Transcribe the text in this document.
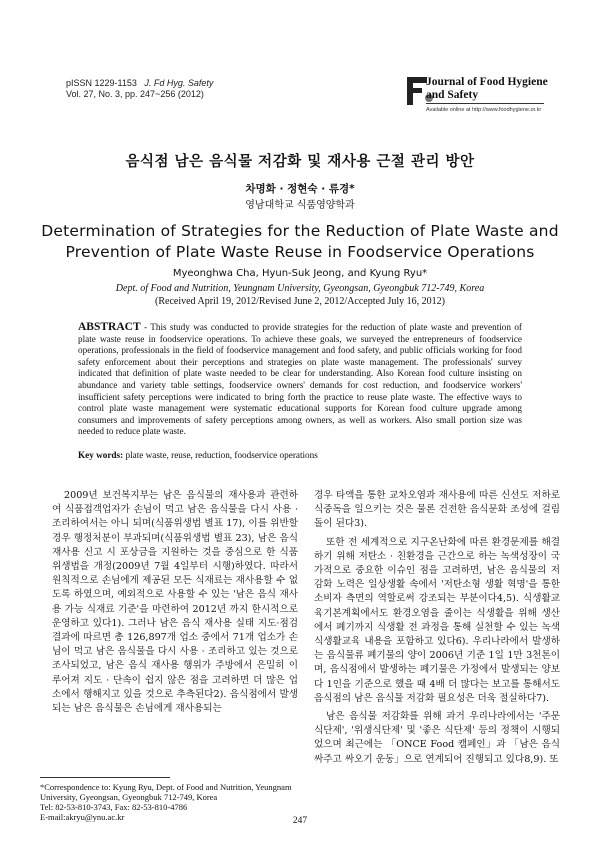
pISSN 1229-1153 J. Fd Hyg. Safety
Vol. 27, No. 3, pp. 247~256 (2012)
Journal of Food Hygiene
and Safety
Available online at http://www.foodhygiene.or.kr
음식점 남은 음식물 저감화 및 재사용 근절 관리 방안
차명화 · 정현숙 · 류경*
영남대학교 식품영양학과
Determination of Strategies for the Reduction of Plate Waste and
Prevention of Plate Waste Reuse in Foodservice Operations
Myeonghwa Cha, Hyun-Suk Jeong, and Kyung Ryu*
Dept. of Food and Nutrition, Yeungnam University, Gyeongsan, Gyeongbuk 712-749, Korea
(Received April 19, 2012/Revised June 2, 2012/Accepted July 16, 2012)
ABSTRACT - This study was conducted to provide strategies for the reduction of plate waste and prevention of plate waste reuse in foodservice operations. To achieve these goals, we surveyed the entrepreneurs of foodservice operations, professionals in the field of foodservice management and food safety, and public officials working for food safety enforcement about their perceptions and strategies on plate waste management. The professionals' survey indicated that definition of plate waste needed to be clear for understanding. Also Korean food culture insisting on abundance and variety table settings, foodservice owners' demands for cost reduction, and foodservice workers' insufficient safety perceptions were indicated to bring forth the practice to reuse plate waste. The effective ways to control plate waste management were systematic educational supports for Korean food culture upgrade among consumers and improvements of safety perceptions among owners, as well as workers. Also small portion size was needed to reduce plate waste.
Key words: plate waste, reuse, reduction, foodservice operations

2009년 보건복지부는 남은 음식물의 재사용과 관련하여 식품접객업자가 손님이 먹고 남은 음식물을 다시 사용 · 조리하여서는 아니 되며(식품위생법 별표 17), 이를 위반할 경우 행정처분이 부과되며(식품위생법 별표 23), 남은 음식 재사용 신고 시 포상금을 지원하는 것을 중심으로 한 식품위생법을 개정(2009년 7월 4일부터 시행)하였다. 따라서 원칙적으로 손님에게 제공된 모든 식재료는 재사용할 수 없도록 하였으며, 예외적으로 사용할 수 있는 '남은 음식 재사용 가능 식재료 기준'을 마련하여 2012년 까지 한시적으로 운영하고 있다1). 그러나 남은 음식 재사용 실태 지도·점검 결과에 따르면 총 126,897개 업소 중에서 71개 업소가 손님이 먹고 남은 음식물을 다시 사용 · 조리하고 있는 것으로 조사되었고, 남은 음식 재사용 행위가 주방에서 은밀히 이루어져 지도 · 단속이 쉽지 않은 점을 고려하면 더 많은 업소에서 행해지고 있을 것으로 추측된다2). 음식점에서 발생되는 남은 음식물은 손님에게 재사용되는

경우 타액을 통한 교차오염과 재사용에 따른 신선도 저하로 식중독을 일으키는 것은 물론 건전한 음식문화 조성에 걸림돌이 된다3).

또한 전 세계적으로 지구온난화에 따른 환경문제를 해결하기 위해 저탄소 · 친환경을 근간으로 하는 녹색성장이 국가적으로 중요한 이슈인 점을 고려하면, 남은 음식물의 저감화 노력은 일상생활 속에서 '저탄소형 생활 혁명'을 통한 소비자 측면의 역할로써 강조되는 부분이다4,5). 식생활교육기본계획에서도 환경오염을 줄이는 식생활을 위해 생산에서 폐기까지 식생활 전 과정을 통해 실천할 수 있는 녹색식생활교육 내용을 포함하고 있다6). 우리나라에서 발생하는 음식물류 폐기물의 양이 2006년 기준 1일 1만 3천톤이며, 음식점에서 발생하는 폐기물은 가정에서 발생되는 양보다 1인을 기준으로 했을 때 4배 더 많다는 보고를 통해서도 음식점의 남은 음식물 저감화 필요성은 더욱 절실하다7).

남은 음식물 저감화를 위해 과거 우리나라에서는 '주문식단제', '위생식단제' 및 '좋은 식단제' 등의 정책이 시행되었으며 최근에는 「ONCE Food 캠페인」과 「남은 음식 싸주고 싸오기 운동」으로 연계되어 진행되고 있다8,9). 또

*Correspondence to: Kyung Ryu, Dept. of Food and Nutrition, Yeungnam University, Gyeongsan, Gyeongbuk 712-749, Korea
Tel: 82-53-810-3743, Fax: 82-53-810-4786
E-mail:akryu@ynu.ac.kr	247
